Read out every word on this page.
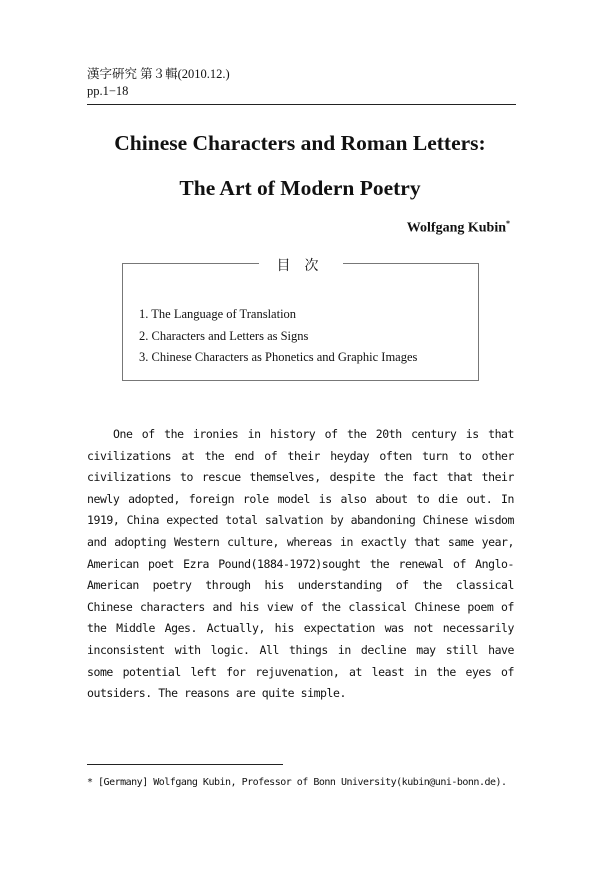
漢字硏究 第３輯(2010.12.)
pp.1−18
Chinese Characters and Roman Letters:
The Art of Modern Poetry
Wolfgang Kubin*
目次
1. The Language of Translation
2. Characters and Letters as Signs
3. Chinese Characters as Phonetics and Graphic Images

One of the ironies in history of the 20th century is that civilizations at the end of their heyday often turn to other civilizations to rescue themselves, despite the fact that their newly adopted, foreign role model is also about to die out. In 1919, China expected total salvation by abandoning Chinese wisdom and adopting Western culture, whereas in exactly that same year, American poet Ezra Pound(1884-1972)sought the renewal of Anglo-American poetry through his understanding of the classical Chinese characters and his view of the classical Chinese poem of the Middle Ages. Actually, his expectation was not necessarily inconsistent with logic. All things in decline may still have some potential left for rejuvenation, at least in the eyes of outsiders. The reasons are quite simple.

* [Germany] Wolfgang Kubin, Professor of Bonn University(kubin@uni-bonn.de).
